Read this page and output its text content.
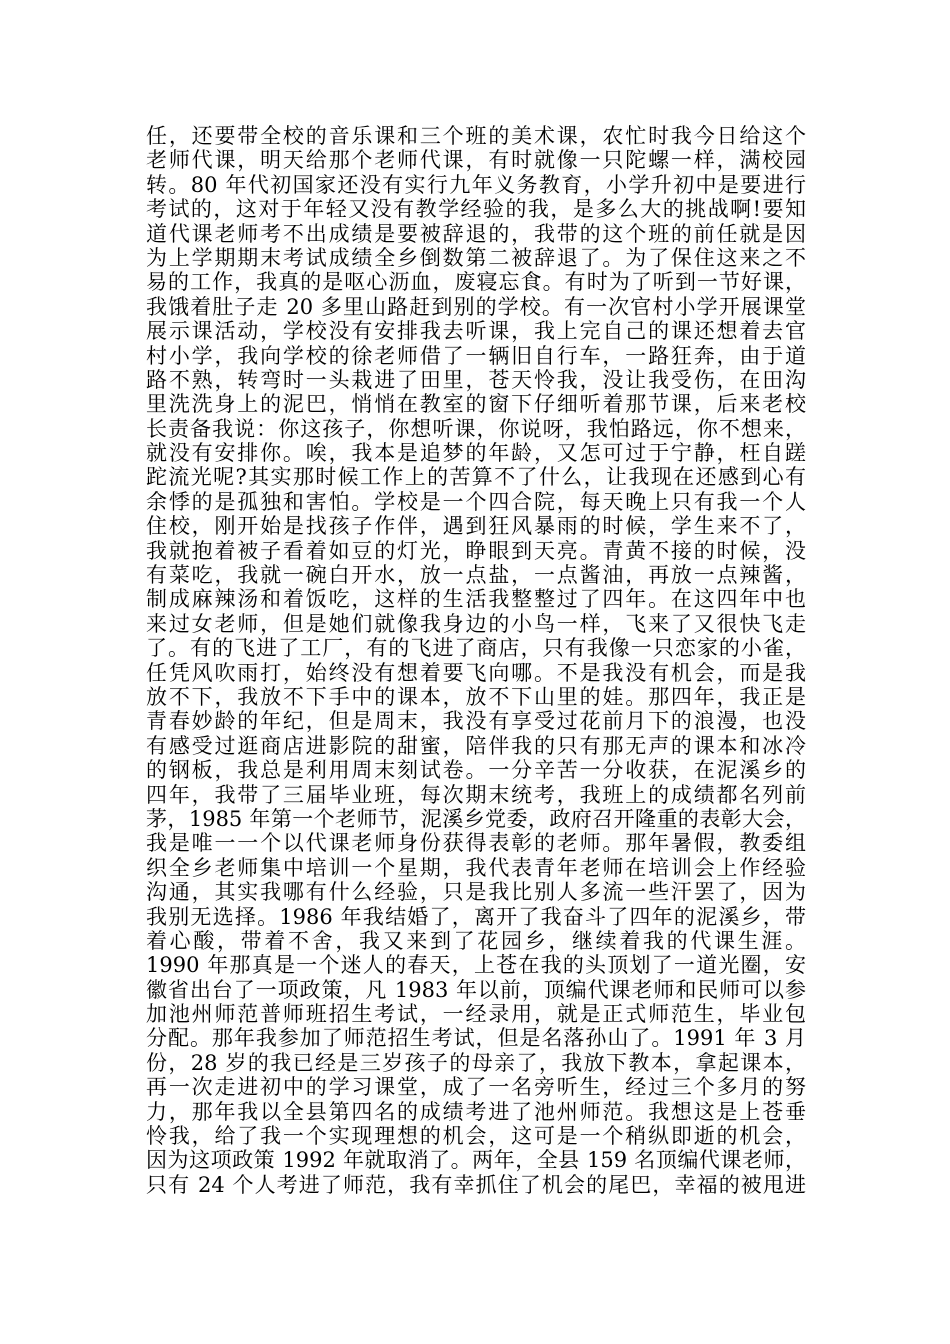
任，还要带全校的音乐课和三个班的美术课，农忙时我今日给这个
老师代课，明天给那个老师代课，有时就像一只陀螺一样，满校园
转。80 年代初国家还没有实行九年义务教育，小学升初中是要进行
考试的，这对于年轻又没有教学经验的我，是多么大的挑战啊!要知
道代课老师考不出成绩是要被辞退的，我带的这个班的前任就是因
为上学期期末考试成绩全乡倒数第二被辞退了。为了保住这来之不
易的工作，我真的是呕心沥血，废寝忘食。有时为了听到一节好课，
我饿着肚子走 20 多里山路赶到别的学校。有一次官村小学开展课堂
展示课活动，学校没有安排我去听课，我上完自己的课还想着去官
村小学，我向学校的徐老师借了一辆旧自行车，一路狂奔，由于道
路不熟，转弯时一头栽进了田里，苍天怜我，没让我受伤，在田沟
里洗洗身上的泥巴，悄悄在教室的窗下仔细听着那节课，后来老校
长责备我说：你这孩子，你想听课，你说呀，我怕路远，你不想来，
就没有安排你。唉，我本是追梦的年龄，又怎可过于宁静，枉自蹉
跎流光呢?其实那时候工作上的苦算不了什么，让我现在还感到心有
余悸的是孤独和害怕。学校是一个四合院，每天晚上只有我一个人
住校，刚开始是找孩子作伴，遇到狂风暴雨的时候，学生来不了，
我就抱着被子看着如豆的灯光，睁眼到天亮。青黄不接的时候，没
有菜吃，我就一碗白开水，放一点盐，一点酱油，再放一点辣酱，
制成麻辣汤和着饭吃，这样的生活我整整过了四年。在这四年中也
来过女老师，但是她们就像我身边的小鸟一样，飞来了又很快飞走
了。有的飞进了工厂，有的飞进了商店，只有我像一只恋家的小雀，
任凭风吹雨打，始终没有想着要飞向哪。不是我没有机会，而是我
放不下，我放不下手中的课本，放不下山里的娃。那四年，我正是
青春妙龄的年纪，但是周末，我没有享受过花前月下的浪漫，也没
有感受过逛商店进影院的甜蜜，陪伴我的只有那无声的课本和冰冷
的钢板，我总是利用周末刻试卷。一分辛苦一分收获，在泥溪乡的
四年，我带了三届毕业班，每次期末统考，我班上的成绩都名列前
茅，1985 年第一个老师节，泥溪乡党委，政府召开隆重的表彰大会，
我是唯一一个以代课老师身份获得表彰的老师。那年暑假，教委组
织全乡老师集中培训一个星期，我代表青年老师在培训会上作经验
沟通，其实我哪有什么经验，只是我比别人多流一些汗罢了，因为
我别无选择。1986 年我结婚了，离开了我奋斗了四年的泥溪乡，带
着心酸，带着不舍，我又来到了花园乡，继续着我的代课生涯。
1990 年那真是一个迷人的春天，上苍在我的头顶划了一道光圈，安
徽省出台了一项政策，凡 1983 年以前，顶编代课老师和民师可以参
加池州师范普师班招生考试，一经录用，就是正式师范生，毕业包
分配。那年我参加了师范招生考试，但是名落孙山了。1991 年 3 月
份，28 岁的我已经是三岁孩子的母亲了，我放下教本，拿起课本，
再一次走进初中的学习课堂，成了一名旁听生，经过三个多月的努
力，那年我以全县第四名的成绩考进了池州师范。我想这是上苍垂
怜我，给了我一个实现理想的机会，这可是一个稍纵即逝的机会，
因为这项政策 1992 年就取消了。两年，全县 159 名顶编代课老师，
只有 24 个人考进了师范，我有幸抓住了机会的尾巴，幸福的被甩进
